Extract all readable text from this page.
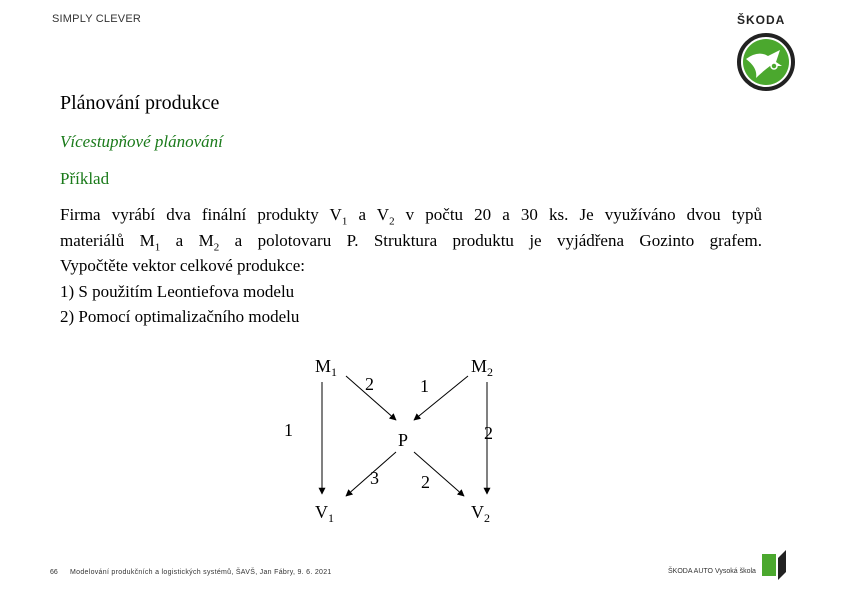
SIMPLY CLEVER	ŠKODA
Plánování produkce
Vícestupňové plánování
Příklad
Firma vyrábí dva finální produkty $V_1$ a $V_2$ v počtu 20 a 30 ks. Je využíváno dvou typů
materiálů $M_1$ a $M_2$ a polotovaru P. Struktura produktu je vyjádřena Gozinto grafem.
Vypočtěte vektor celkové produkce:
1) S použitím Leontiefova modelu
2) Pomocí optimalizačního modelu
$M_1$	$M_2$
P
$V_1$	$V_2$
2	1
1	2
3 2
66 Modelování produkčních a logistických systémů, ŠAVŠ, Jan Fábry, 9. 6. 2021	ŠKODA AUTO Vysoká škola
